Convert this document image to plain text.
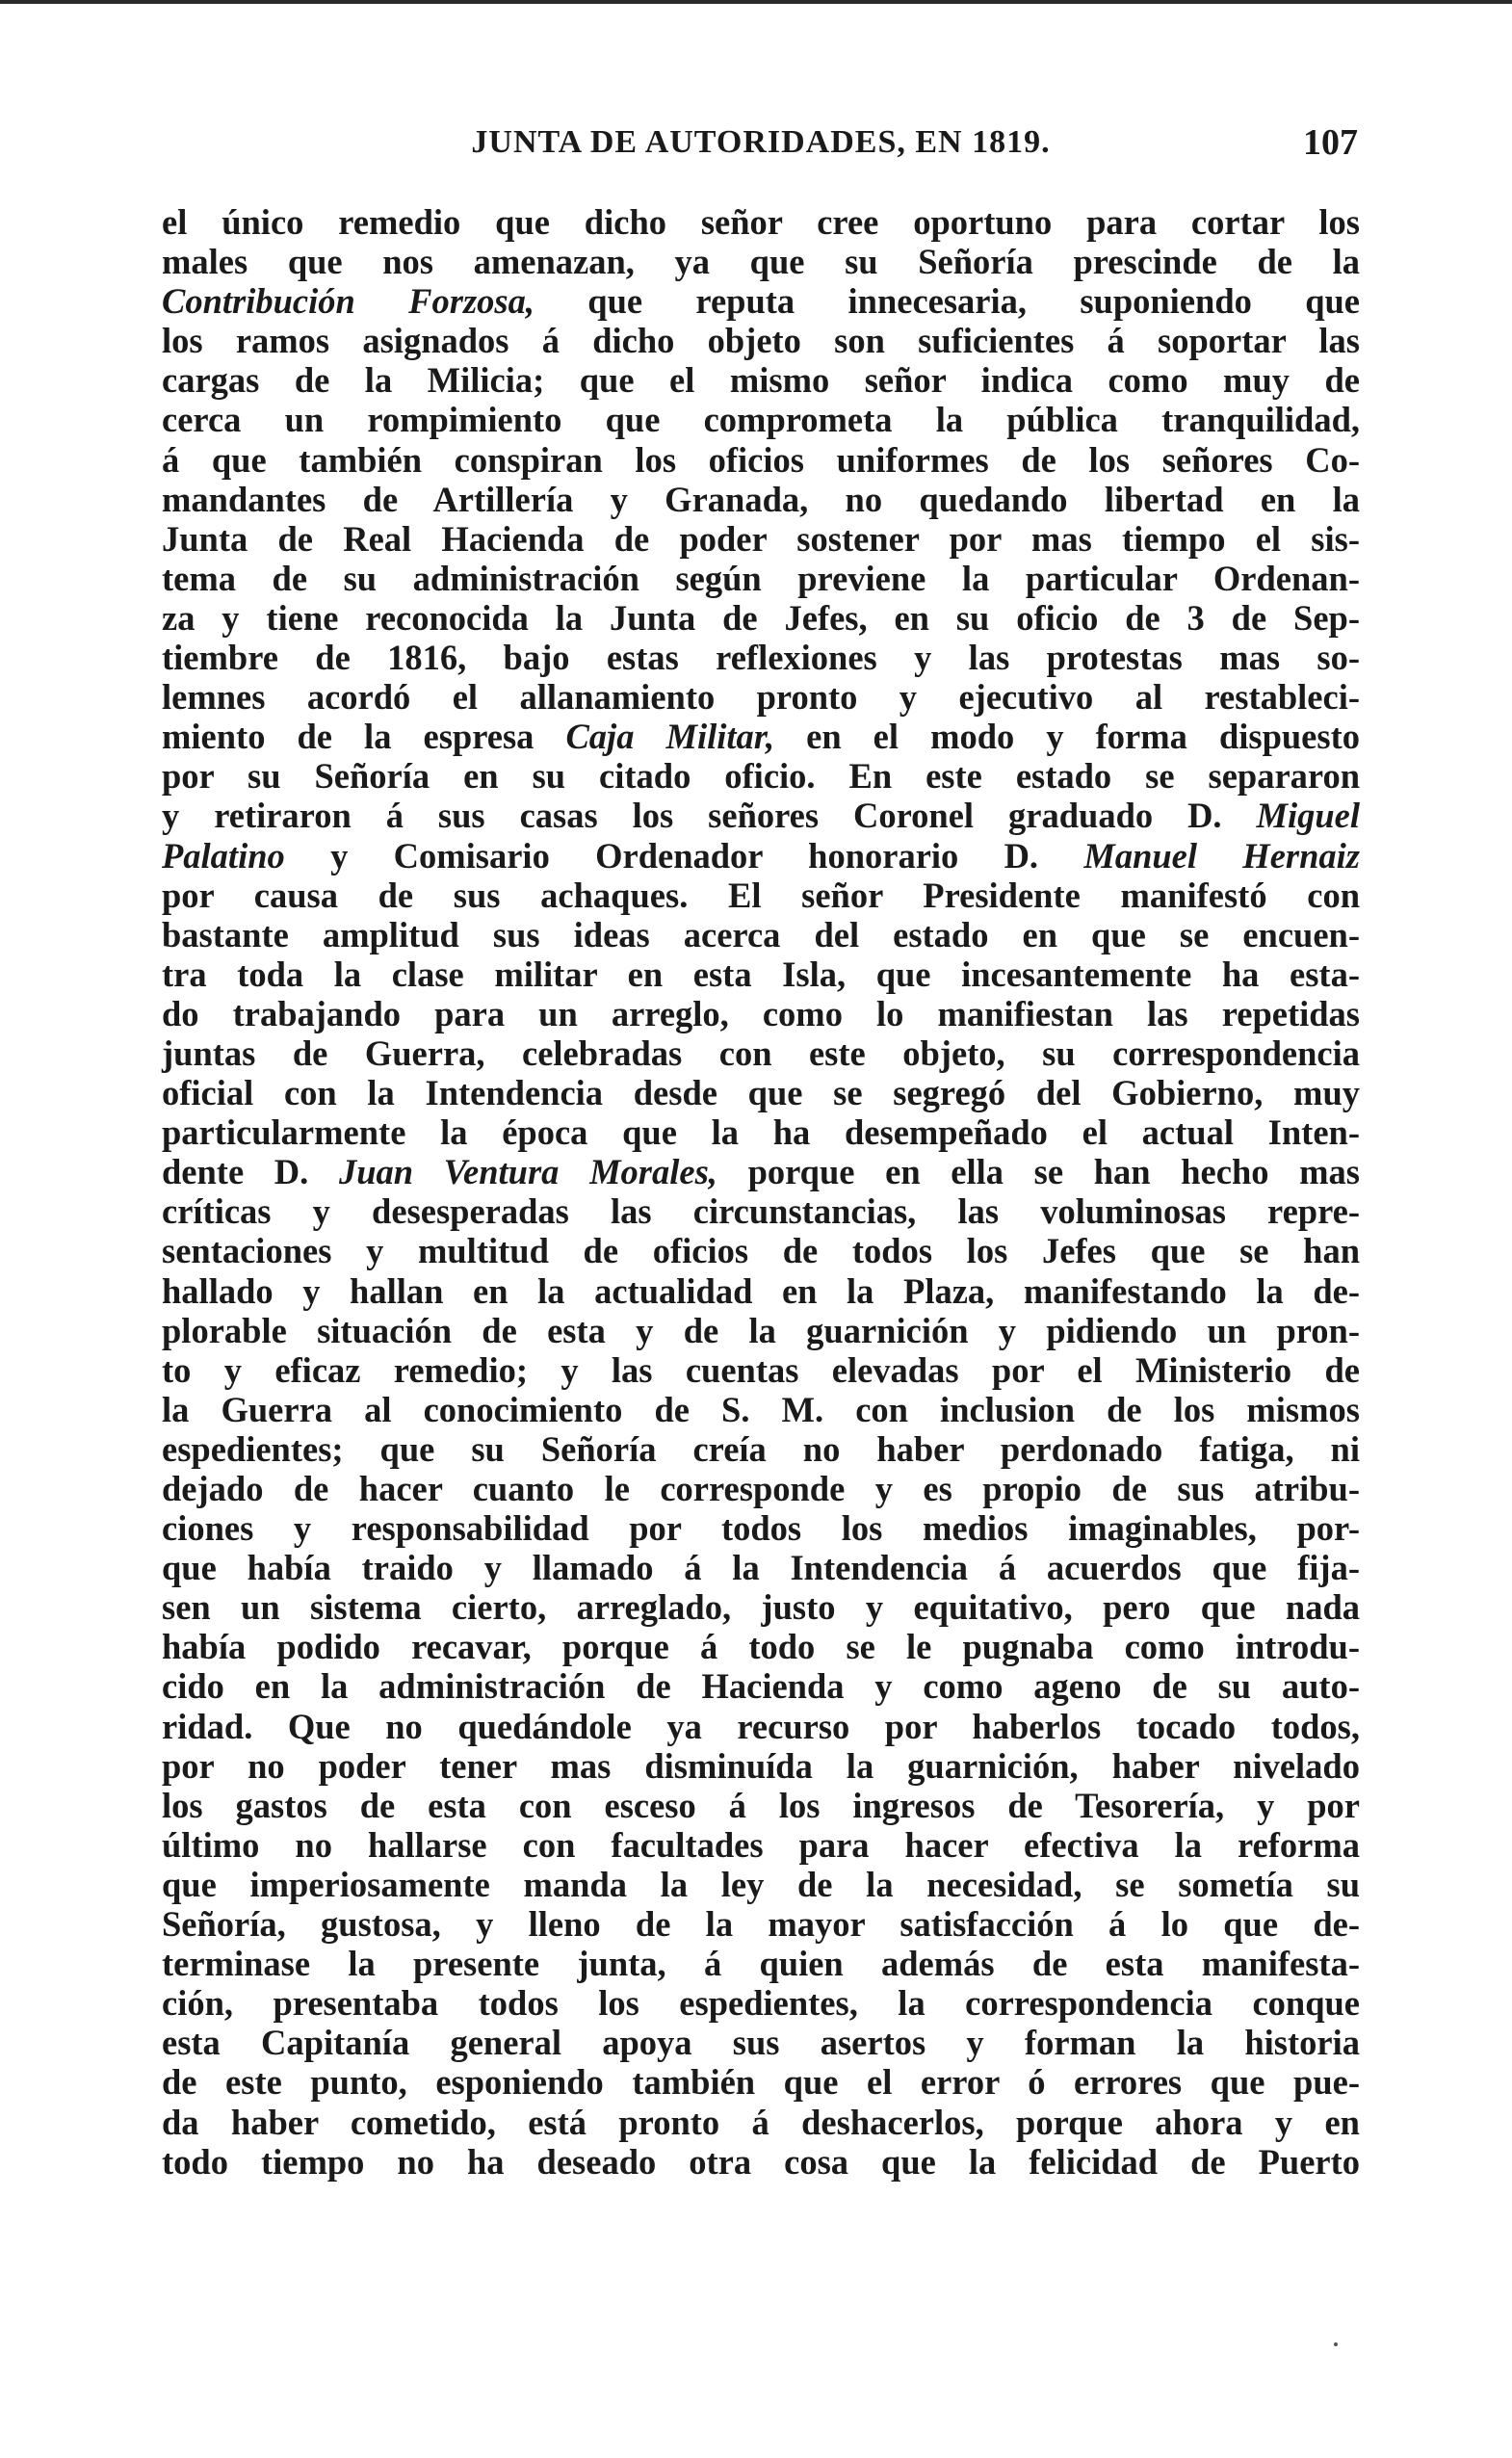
JUNTA DE AUTORIDADES, EN 1819.	107
el único remedio que dicho señor cree oportuno para cortar los
males que nos amenazan, ya que su Señoría prescinde de la
Contribución Forzosa, que reputa innecesaria, suponiendo que
los ramos asignados á dicho objeto son suficientes á soportar las
cargas de la Milicia; que el mismo señor indica como muy de
cerca un rompimiento que comprometa la pública tranquilidad,
á que también conspiran los oficios uniformes de los señores Co-
mandantes de Artillería y Granada, no quedando libertad en la
Junta de Real Hacienda de poder sostener por mas tiempo el sis-
tema de su administración según previene la particular Ordenan-
za y tiene reconocida la Junta de Jefes, en su oficio de 3 de Sep-
tiembre de 1816, bajo estas reflexiones y las protestas mas so-
lemnes acordó el allanamiento pronto y ejecutivo al restableci-
miento de la espresa Caja Militar, en el modo y forma dispuesto
por su Señoría en su citado oficio. En este estado se separaron
y retiraron á sus casas los señores Coronel graduado D. Miguel
Palatino y Comisario Ordenador honorario D. Manuel Hernaiz
por causa de sus achaques. El señor Presidente manifestó con
bastante amplitud sus ideas acerca del estado en que se encuen-
tra toda la clase militar en esta Isla, que incesantemente ha esta-
do trabajando para un arreglo, como lo manifiestan las repetidas
juntas de Guerra, celebradas con este objeto, su correspondencia
oficial con la Intendencia desde que se segregó del Gobierno, muy
particularmente la época que la ha desempeñado el actual Inten-
dente D. Juan Ventura Morales, porque en ella se han hecho mas
críticas y desesperadas las circunstancias, las voluminosas repre-
sentaciones y multitud de oficios de todos los Jefes que se han
hallado y hallan en la actualidad en la Plaza, manifestando la de-
plorable situación de esta y de la guarnición y pidiendo un pron-
to y eficaz remedio; y las cuentas elevadas por el Ministerio de
la Guerra al conocimiento de S. M. con inclusion de los mismos
espedientes; que su Señoría creía no haber perdonado fatiga, ni
dejado de hacer cuanto le corresponde y es propio de sus atribu-
ciones y responsabilidad por todos los medios imaginables, por-
que había traido y llamado á la Intendencia á acuerdos que fija-
sen un sistema cierto, arreglado, justo y equitativo, pero que nada
había podido recavar, porque á todo se le pugnaba como introdu-
cido en la administración de Hacienda y como ageno de su auto-
ridad. Que no quedándole ya recurso por haberlos tocado todos,
por no poder tener mas disminuída la guarnición, haber nivelado
los gastos de esta con esceso á los ingresos de Tesorería, y por
último no hallarse con facultades para hacer efectiva la reforma
que imperiosamente manda la ley de la necesidad, se sometía su
Señoría, gustosa, y lleno de la mayor satisfacción á lo que de-
terminase la presente junta, á quien además de esta manifesta-
ción, presentaba todos los espedientes, la correspondencia conque
esta Capitanía general apoya sus asertos y forman la historia
de este punto, esponiendo también que el error ó errores que pue-
da haber cometido, está pronto á deshacerlos, porque ahora y en
todo tiempo no ha deseado otra cosa que la felicidad de Puerto
